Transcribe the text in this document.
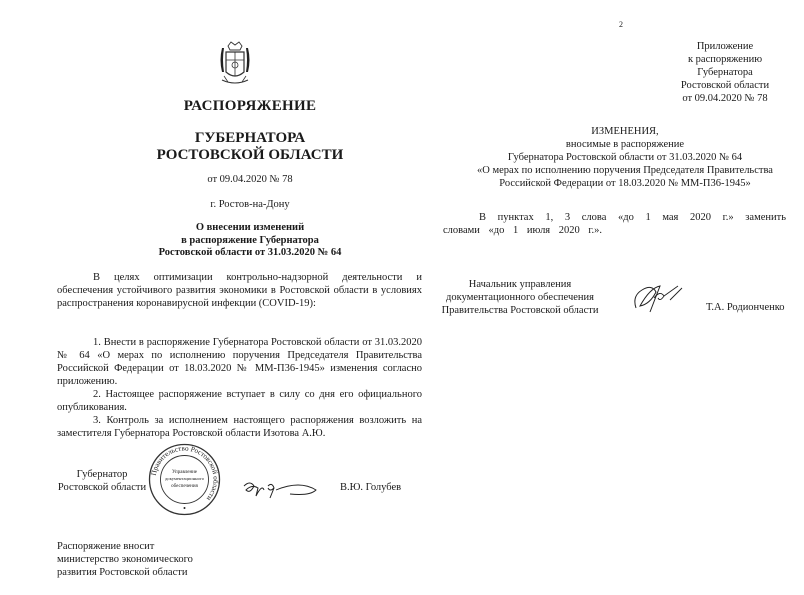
РАСПОРЯЖЕНИЕ
ГУБЕРНАТОРА
РОСТОВСКОЙ ОБЛАСТИ
от 09.04.2020 № 78
г. Ростов-на-Дону
О внесении изменений
в распоряжение Губернатора
Ростовской области от 31.03.2020 № 64
В целях оптимизации контрольно-надзорной деятельности и обеспечения устойчивого развития экономики в Ростовской области в условиях распространения коронавирусной инфекции (COVID-19):

1. Внести в распоряжение Губернатора Ростовской области от 31.03.2020 № 64 «О мерах по исполнению поручения Председателя Правительства Российской Федерации от 18.03.2020 № ММ-П36-1945» изменения согласно приложению.

2. Настоящее распоряжение вступает в силу со дня его официального опубликования.

3. Контроль за исполнением настоящего распоряжения возложить на заместителя Губернатора Ростовской области Изотова А.Ю.

Губернатор
Ростовской области
Правительство Ростовской области
Управление
документационного
обеспечения	В.Ю. Голубев
Распоряжение вносит
министерство экономического
развития Ростовской области
2
Приложение
к распоряжению
Губернатора
Ростовской области
от 09.04.2020 № 78
ИЗМЕНЕНИЯ,
вносимые в распоряжение
Губернатора Ростовской области от 31.03.2020 № 64
«О мерах по исполнению поручения Председателя Правительства
Российской Федерации от 18.03.2020 № ММ-П36-1945»
В пунктах 1, 3 слова «до 1 мая 2020 г.» заменить словами «до 1 июля 2020 г.».
Начальник управления
документационного обеспечения
Правительства Ростовской области	Т.А. Родионченко
